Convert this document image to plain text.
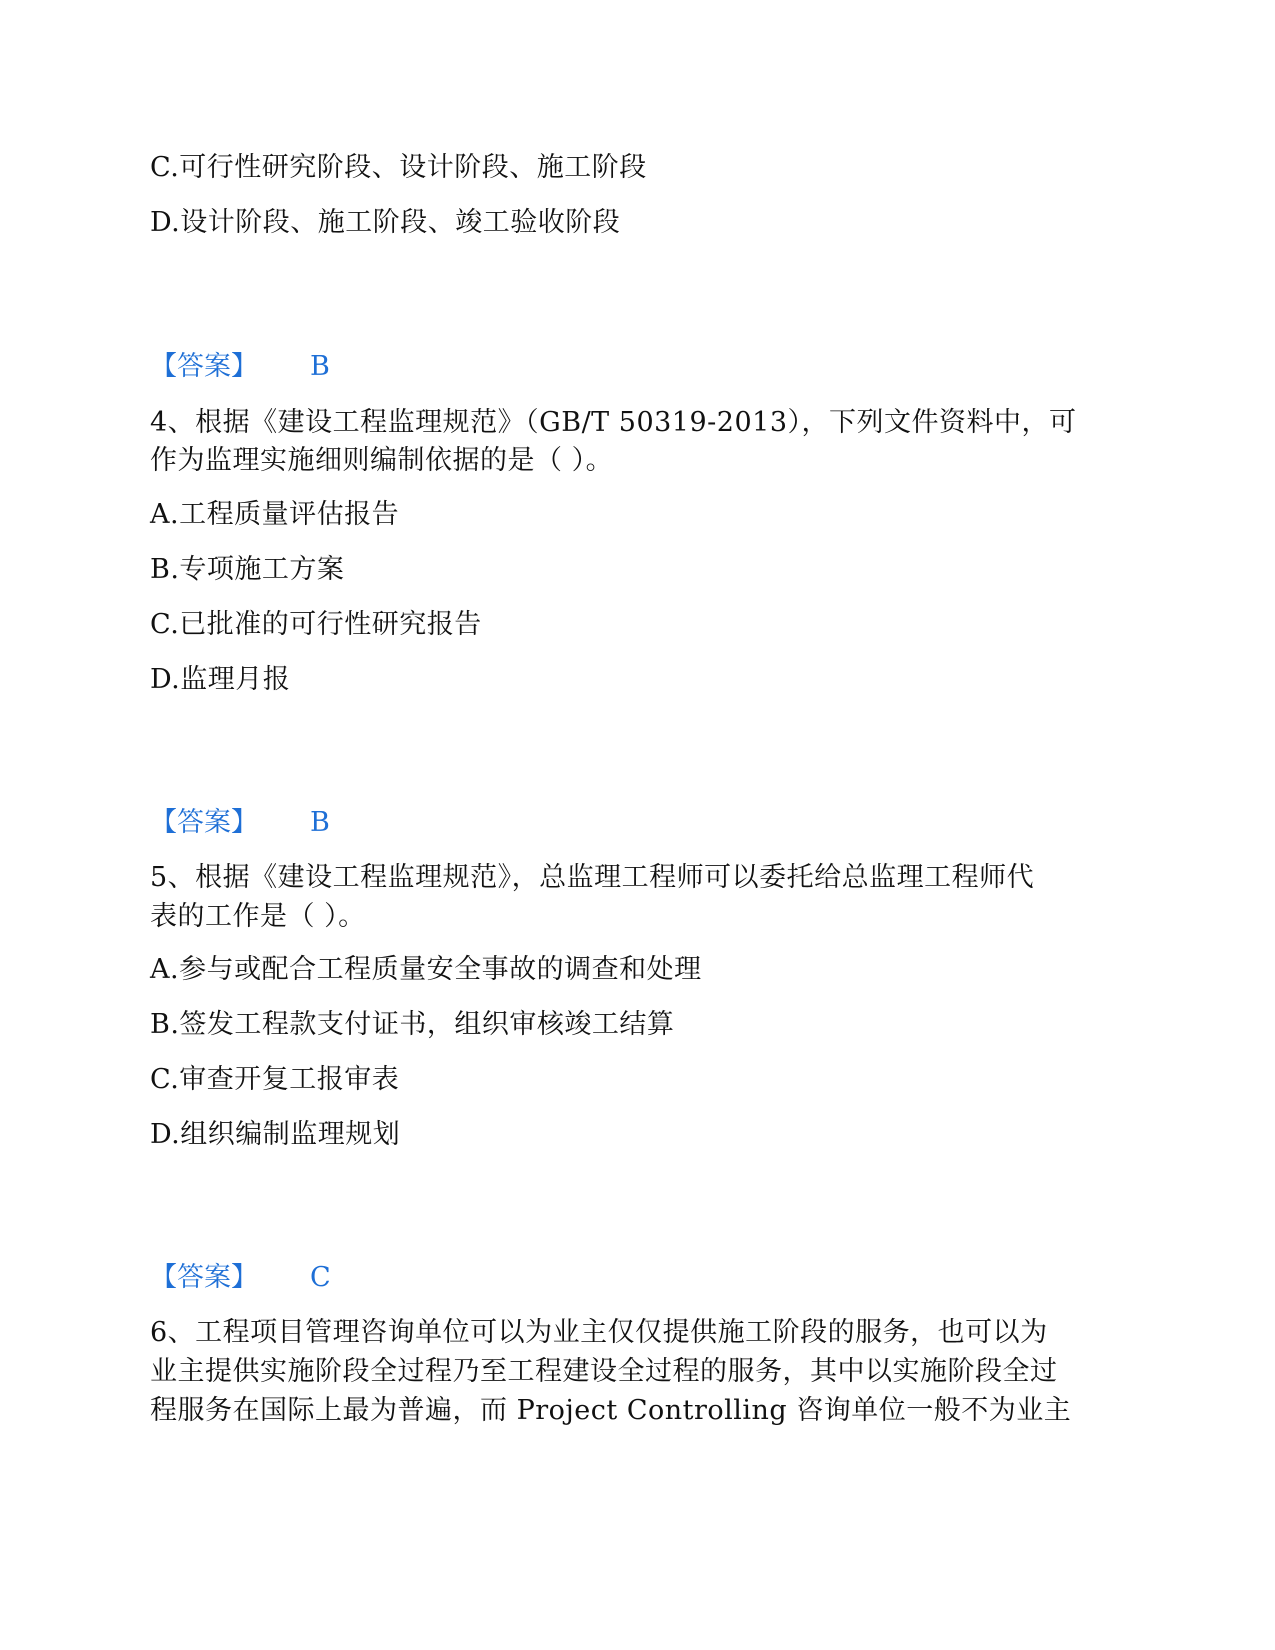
C.可行性研究阶段、设计阶段、施工阶段
D.设计阶段、施工阶段、竣工验收阶段
【答案】 B
4、根据《建设工程监理规范》（GB/T 50319-2013），下列文件资料中，可
作为监理实施细则编制依据的是（ ）。
A.工程质量评估报告
B.专项施工方案
C.已批准的可行性研究报告
D.监理月报
【答案】 B
5、根据《建设工程监理规范》，总监理工程师可以委托给总监理工程师代
表的工作是（ ）。
A.参与或配合工程质量安全事故的调查和处理
B.签发工程款支付证书，组织审核竣工结算
C.审查开复工报审表
D.组织编制监理规划
【答案】 C
6、工程项目管理咨询单位可以为业主仅仅提供施工阶段的服务，也可以为
业主提供实施阶段全过程乃至工程建设全过程的服务，其中以实施阶段全过
程服务在国际上最为普遍，而 Project Controlling 咨询单位一般不为业主
